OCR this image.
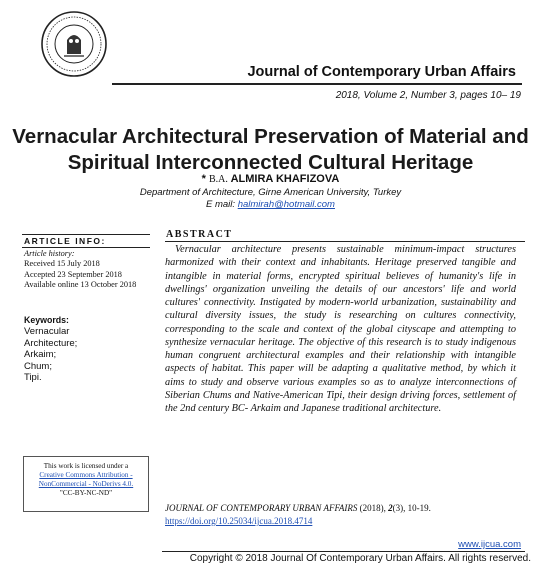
Journal of Contemporary Urban Affairs
2018, Volume 2, Number 3, pages 10– 19
Vernacular Architectural Preservation of Material and
Spiritual Interconnected Cultural Heritage
* B.A. ALMIRA KHAFIZOVA
Department of Architecture, Girne American University, Turkey
E mail: halmirah@hotmail.com
ARTICLE INFO:
Article history:
Received 15 July 2018
Accepted 23 September 2018
Available online 13 October 2018
Keywords:
Vernacular
Architecture;
Arkaim;
Chum;
Tipi.
This work is licensed under a
Creative Commons Attribution - NonCommercial - NoDerivs 4.0.
"CC-BY-NC-ND"
ABSTRACT
Vernacular architecture presents sustainable minimum-impact structures harmonized with their context and inhabitants. Heritage preserved tangible and intangible in material forms, encrypted spiritual believes of humanity's life in dwellings' organization unveiling the details of our ancestors' life and world cultures' connectivity. Instigated by modern-world urbanization, sustainability and cultural diversity issues, the study is researching on cultures connectivity, corresponding to the scale and context of the global cityscape and attempting to synthesize vernacular heritage. The objective of this research is to study indigenous human congruent architectural examples and their relationship with intangible aspects of habitat. This paper will be adapting a qualitative method, by which it aims to study and observe various examples so as to analyze interconnections of Siberian Chums and Native-American Tipi, their design driving forces, settlement of the 2nd century BC- Arkaim and Japanese traditional architecture.
JOURNAL OF CONTEMPORARY URBAN AFFAIRS (2018), 2(3), 10-19.
https://doi.org/10.25034/ijcua.2018.4714
www.ijcua.com
Copyright © 2018 Journal Of Contemporary Urban Affairs. All rights reserved.
